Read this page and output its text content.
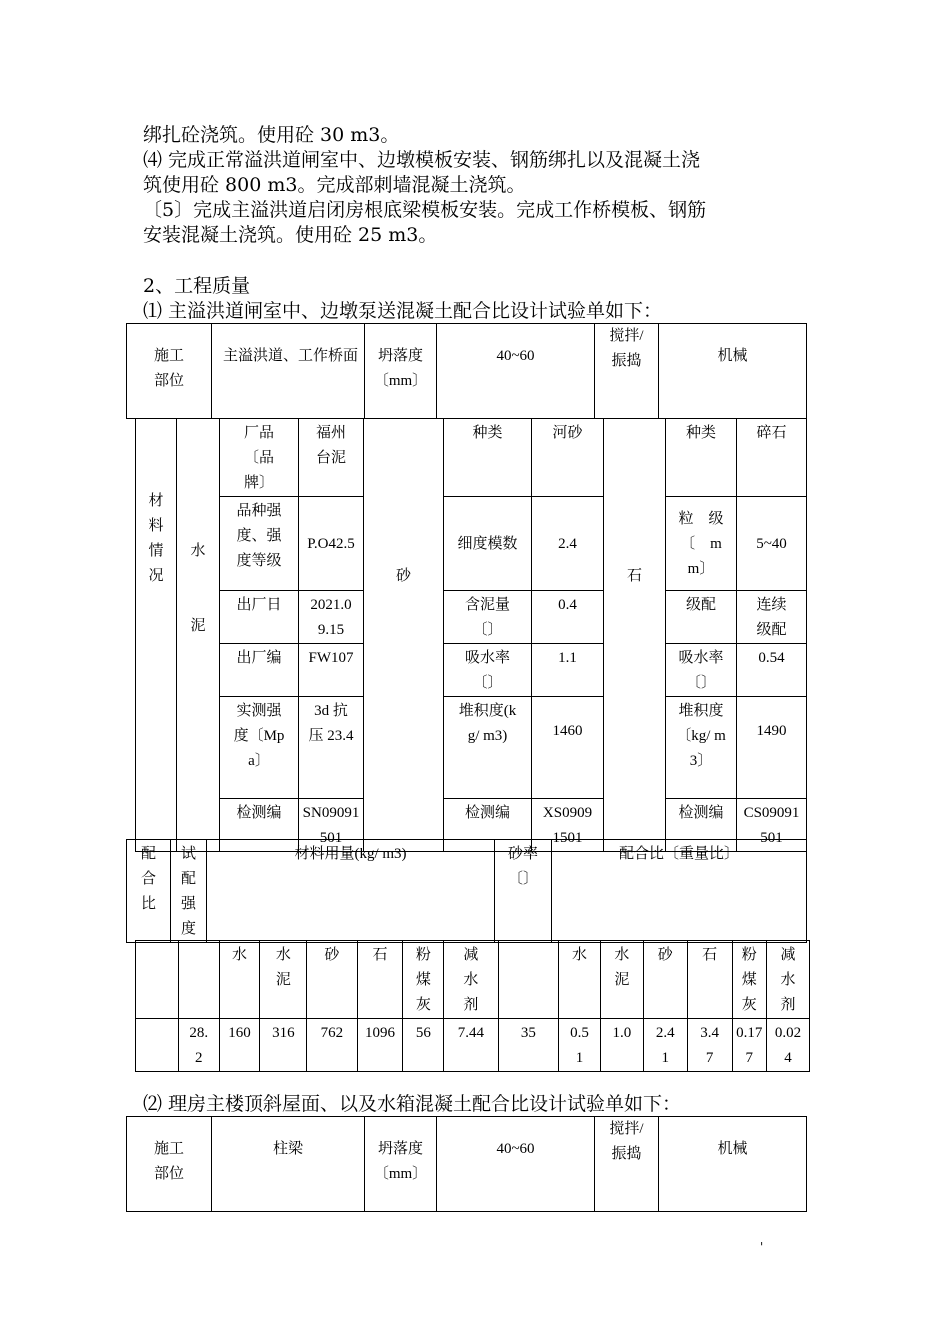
绑扎砼浇筑。使用砼 30 m3。
⑷ 完成正常溢洪道闸室中、边墩模板安装、钢筋绑扎以及混凝土浇
筑使用砼 800 m3。完成部刺墙混凝土浇筑。
〔5〕完成主溢洪道启闭房根底梁模板安装。完成工作桥模板、钢筋
安装混凝土浇筑。使用砼 25 m3。
2、工程质量
⑴ 主溢洪道闸室中、边墩泵送混凝土配合比设计试验单如下：
施工部位	主溢洪道、工作桥面	坍落度〔mm〕	40~60	搅拌/振捣	机械
材料情况	水泥	厂品〔品牌〕	福州台泥	砂	种类	河砂	石	种类	碎石
		品种强度、强度等级	P.O42.5		细度模数	2.4		粒　级〔　mm〕	5~40
		出厂日	2021.09.15		含泥量〔〕	0.4		级配	连续级配
		出厂编	FW107		吸水率〔〕	1.1		吸水率〔〕	0.54
		实测强度〔Mpa〕	3d 抗压 23.4		堆积度(kg/ m3)	1460		堆积度〔kg/ m3〕	1490
		检测编	SN09091501		检测编	XS09091501		检测编	CS09091501
配合比	试配强度	材料用量(kg/ m3)	砂率〔〕	配合比〔重量比〕
		水	水泥	砂	石	粉煤灰	减水剂		水	水泥	砂	石	粉煤灰	减水剂
	28.2	160	316	762	1096	56	7.44	35	0.51	1.0	2.41	3.47	0.177	0.024
⑵ 理房主楼顶斜屋面、以及水箱混凝土配合比设计试验单如下：
施工部位	柱梁	坍落度〔mm〕	40~60	搅拌/振捣	机械
'
